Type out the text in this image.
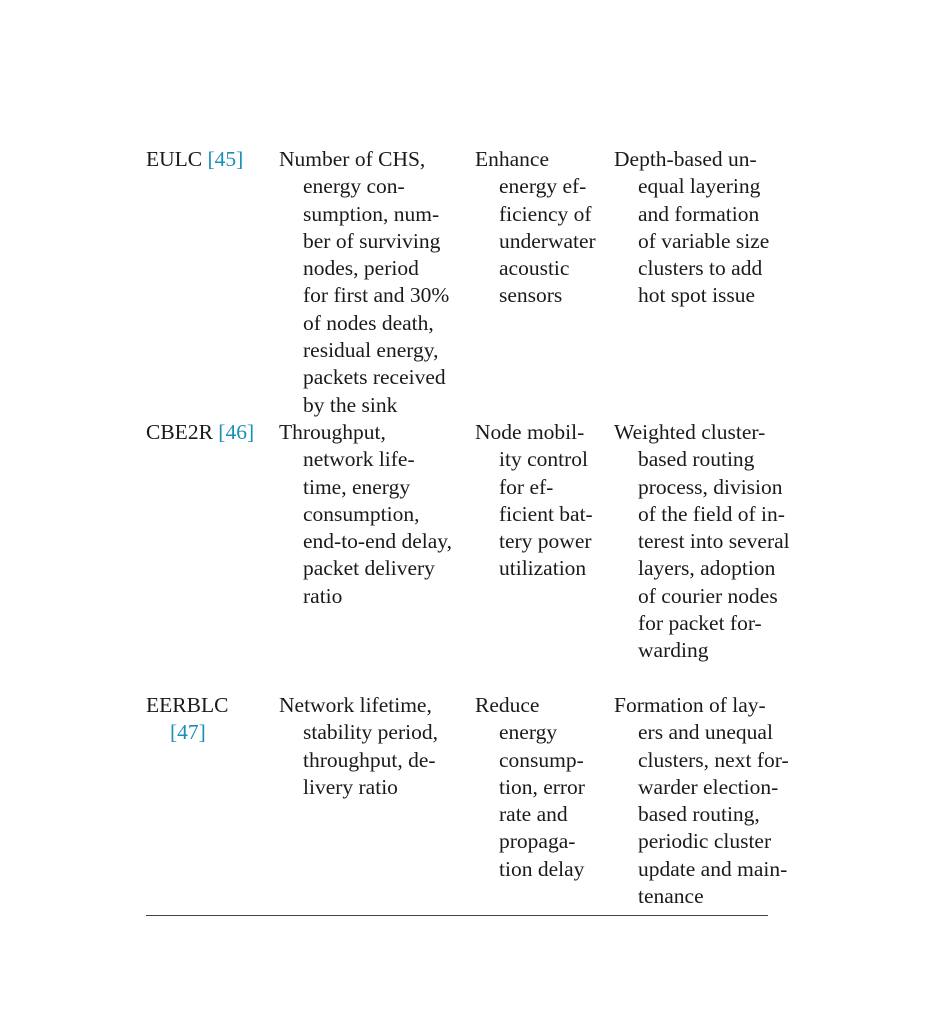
EULC [45] Number of CHS,
energy con-
sumption, num-
ber of surviving
nodes, period
for first and 30%
of nodes death,
residual energy,
packets received
by the sink
Enhance
energy ef-
ficiency of
underwater
acoustic
sensors
Depth-based un-
equal layering
and formation
of variable size
clusters to add
hot spot issue
CBE2R [46] Throughput,
network life-
time, energy
consumption,
end-to-end delay,
packet delivery
ratio
Node mobil-
ity control
for ef-
ficient bat-
tery power
utilization
Weighted cluster-
based routing
process, division
of the field of in-
terest into several
layers, adoption
of courier nodes
for packet for-
warding
EERBLC
[47]
Network lifetime,
stability period,
throughput, de-
livery ratio
Reduce
energy
consump-
tion, error
rate and
propaga-
tion delay
Formation of lay-
ers and unequal
clusters, next for-
warder election-
based routing,
periodic cluster
update and main-
tenance
